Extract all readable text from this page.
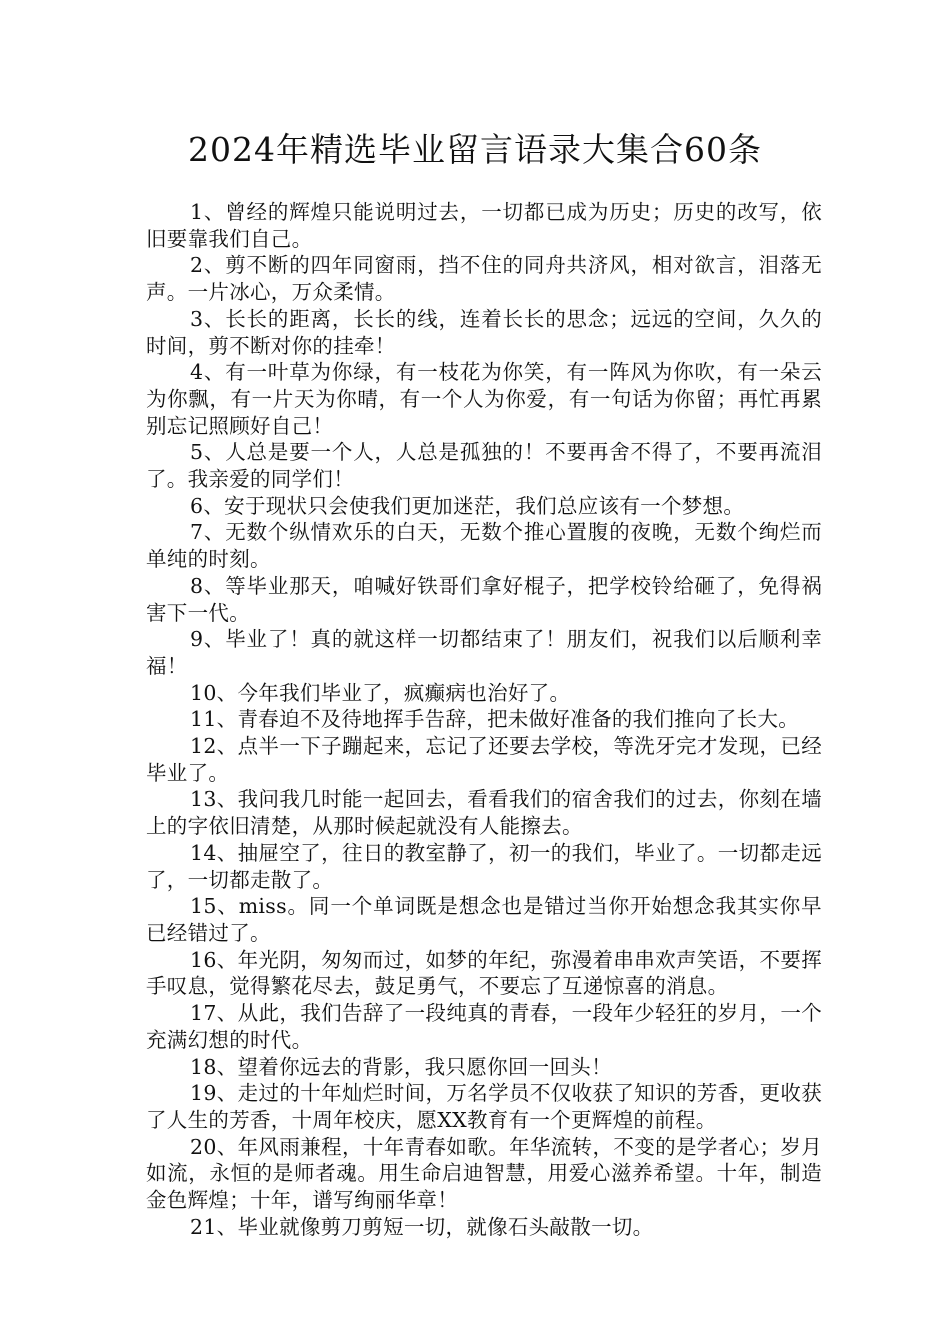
2024年精选毕业留言语录大集合60条

1、曾经的辉煌只能说明过去，一切都已成为历史；历史的改写，依旧要靠我们自己。

2、剪不断的四年同窗雨，挡不住的同舟共济风，相对欲言，泪落无声。一片冰心，万众柔情。

3、长长的距离，长长的线，连着长长的思念；远远的空间，久久的时间，剪不断对你的挂牵！

4、有一叶草为你绿，有一枝花为你笑，有一阵风为你吹，有一朵云为你飘，有一片天为你晴，有一个人为你爱，有一句话为你留；再忙再累别忘记照顾好自己！

5、人总是要一个人，人总是孤独的！不要再舍不得了，不要再流泪了。我亲爱的同学们！

6、安于现状只会使我们更加迷茫，我们总应该有一个梦想。

7、无数个纵情欢乐的白天，无数个推心置腹的夜晚，无数个绚烂而单纯的时刻。

8、等毕业那天，咱喊好铁哥们拿好棍子，把学校铃给砸了，免得祸害下一代。

9、毕业了！真的就这样一切都结束了！朋友们，祝我们以后顺利幸福！

10、今年我们毕业了，疯癫病也治好了。

11、青春迫不及待地挥手告辞，把未做好准备的我们推向了长大。

12、点半一下子蹦起来，忘记了还要去学校，等洗牙完才发现，已经毕业了。

13、我问我几时能一起回去，看看我们的宿舍我们的过去，你刻在墙上的字依旧清楚，从那时候起就没有人能擦去。

14、抽屉空了，往日的教室静了，初一的我们，毕业了。一切都走远了，一切都走散了。

15、miss。同一个单词既是想念也是错过当你开始想念我其实你早已经错过了。

16、年光阴，匆匆而过，如梦的年纪，弥漫着串串欢声笑语，不要挥手叹息，觉得繁花尽去，鼓足勇气，不要忘了互递惊喜的消息。

17、从此，我们告辞了一段纯真的青春，一段年少轻狂的岁月，一个充满幻想的时代。

18、望着你远去的背影，我只愿你回一回头！

19、走过的十年灿烂时间，万名学员不仅收获了知识的芳香，更收获了人生的芳香，十周年校庆，愿XX教育有一个更辉煌的前程。

20、年风雨兼程，十年青春如歌。年华流转，不变的是学者心；岁月如流，永恒的是师者魂。用生命启迪智慧，用爱心滋养希望。十年，制造金色辉煌；十年，谱写绚丽华章！

21、毕业就像剪刀剪短一切，就像石头敲散一切。
